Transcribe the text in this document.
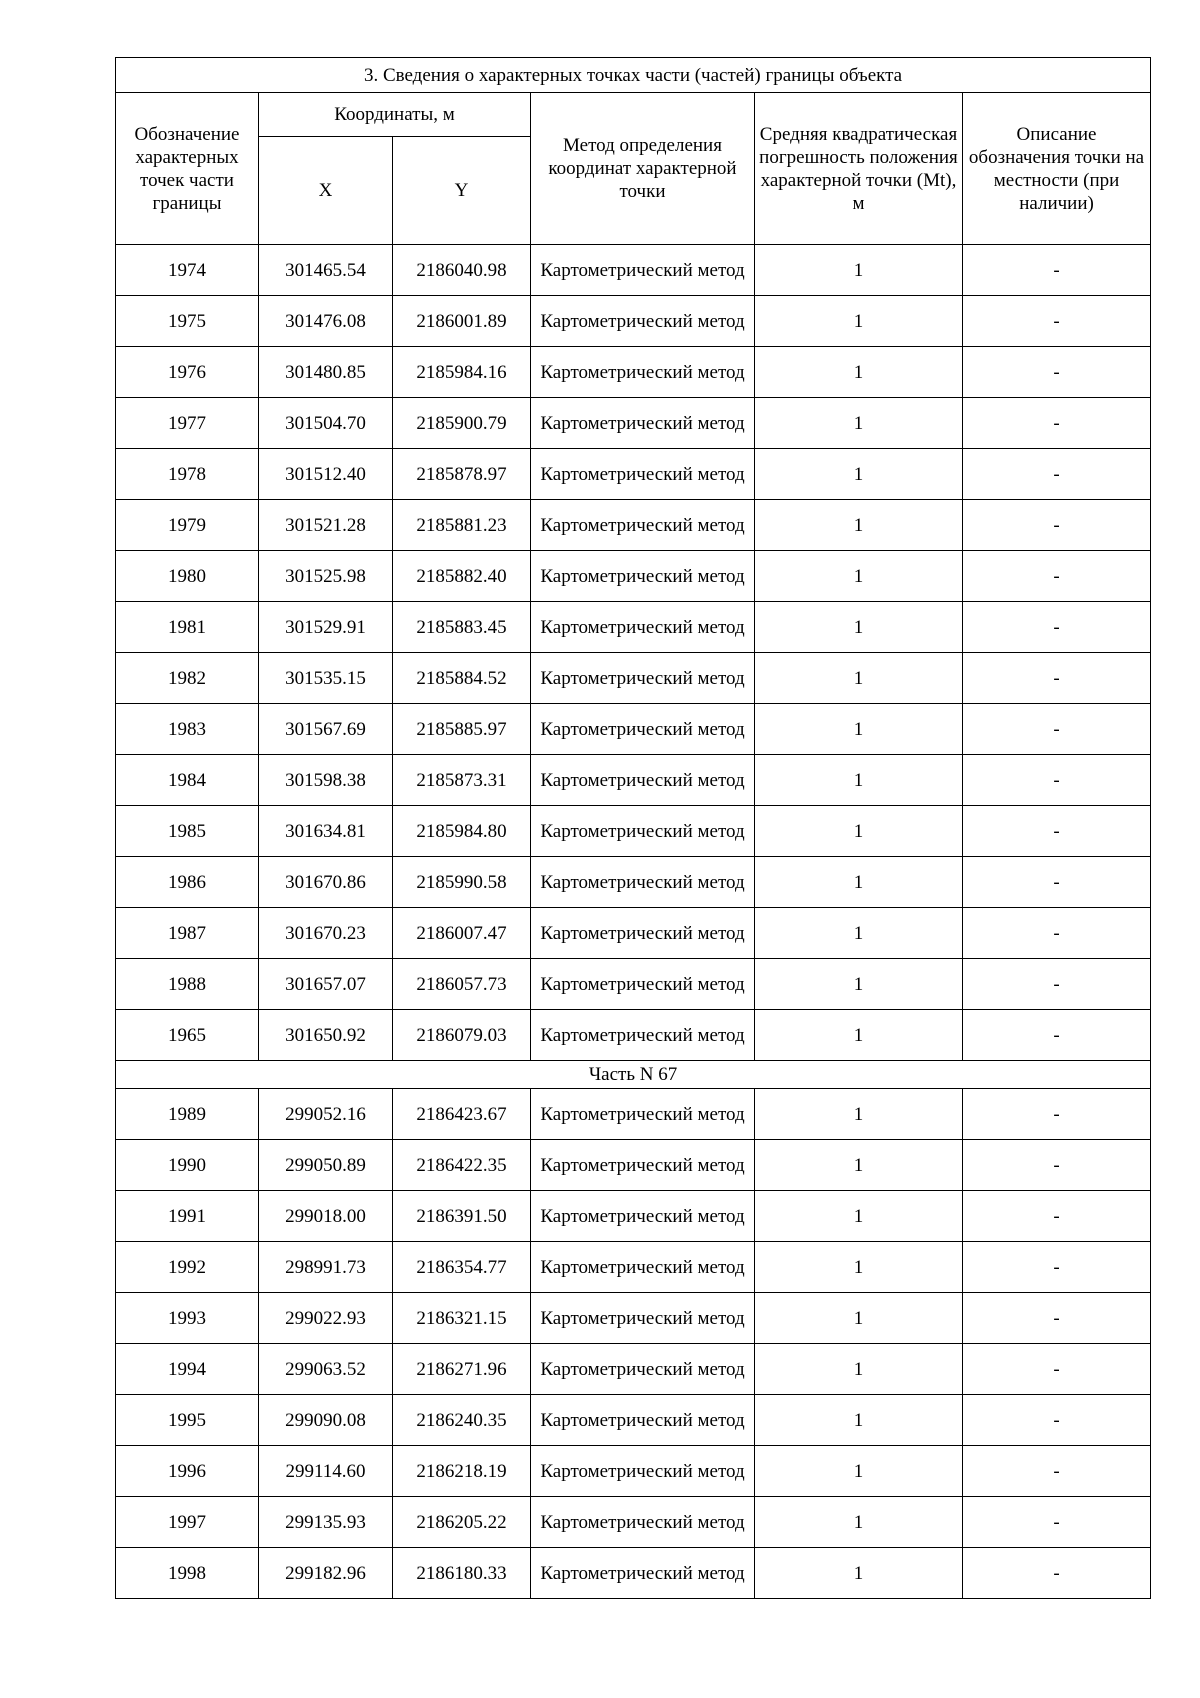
3. Сведения о характерных точках части (частей) границы объекта					
Обозначение характерных точек части границы	Координаты, м		Метод определения координат характерной точки	Средняя квадратическая погрешность положения характерной точки (Mt), м	Описание обозначения точки на местности (при наличии)
	X	Y			
1974	301465.54	2186040.98	Картометрический метод	1	-
1975	301476.08	2186001.89	Картометрический метод	1	-
1976	301480.85	2185984.16	Картометрический метод	1	-
1977	301504.70	2185900.79	Картометрический метод	1	-
1978	301512.40	2185878.97	Картометрический метод	1	-
1979	301521.28	2185881.23	Картометрический метод	1	-
1980	301525.98	2185882.40	Картометрический метод	1	-
1981	301529.91	2185883.45	Картометрический метод	1	-
1982	301535.15	2185884.52	Картометрический метод	1	-
1983	301567.69	2185885.97	Картометрический метод	1	-
1984	301598.38	2185873.31	Картометрический метод	1	-
1985	301634.81	2185984.80	Картометрический метод	1	-
1986	301670.86	2185990.58	Картометрический метод	1	-
1987	301670.23	2186007.47	Картометрический метод	1	-
1988	301657.07	2186057.73	Картометрический метод	1	-
1965	301650.92	2186079.03	Картометрический метод	1	-
Часть N 67					
1989	299052.16	2186423.67	Картометрический метод	1	-
1990	299050.89	2186422.35	Картометрический метод	1	-
1991	299018.00	2186391.50	Картометрический метод	1	-
1992	298991.73	2186354.77	Картометрический метод	1	-
1993	299022.93	2186321.15	Картометрический метод	1	-
1994	299063.52	2186271.96	Картометрический метод	1	-
1995	299090.08	2186240.35	Картометрический метод	1	-
1996	299114.60	2186218.19	Картометрический метод	1	-
1997	299135.93	2186205.22	Картометрический метод	1	-
1998	299182.96	2186180.33	Картометрический метод	1	-
